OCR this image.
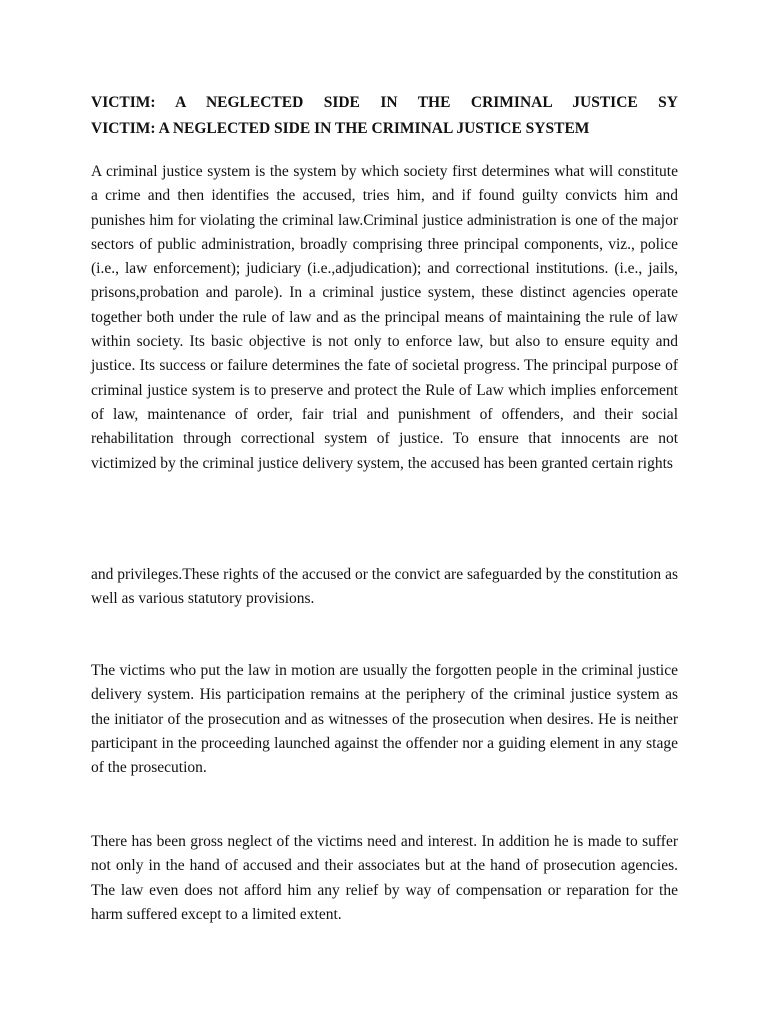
VICTIM: A NEGLECTED SIDE IN THE CRIMINAL JUSTICE SY
VICTIM: A NEGLECTED SIDE IN THE CRIMINAL JUSTICE SYSTEM

A criminal justice system is the system by which society first determines what will constitute a crime and then identifies the accused, tries him, and if found guilty convicts him and punishes him for violating the criminal law.Criminal justice administration is one of the major sectors of public administration, broadly comprising three principal components, viz., police (i.e., law enforcement); judiciary (i.e.,adjudication); and correctional institutions. (i.e., jails, prisons,probation and parole). In a criminal justice system, these distinct agencies operate together both under the rule of law and as the principal means of maintaining the rule of law within society. Its basic objective is not only to enforce law, but also to ensure equity and justice. Its success or failure determines the fate of societal progress. The principal purpose of criminal justice system is to preserve and protect the Rule of Law which implies enforcement of law, maintenance of order, fair trial and punishment of offenders, and their social rehabilitation through correctional system of justice. To ensure that innocents are not victimized by the criminal justice delivery system, the accused has been granted certain rights

and privileges.These rights of the accused or the convict are safeguarded by the constitution as well as various statutory provisions.

The victims who put the law in motion are usually the forgotten people in the criminal justice delivery system. His participation remains at the periphery of the criminal justice system as the initiator of the prosecution and as witnesses of the prosecution when desires. He is neither participant in the proceeding launched against the offender nor a guiding element in any stage of the prosecution.

There has been gross neglect of the victims need and interest. In addition he is made to suffer not only in the hand of accused and their associates but at the hand of prosecution agencies. The law even does not afford him any relief by way of compensation or reparation for the harm suffered except to a limited extent.
